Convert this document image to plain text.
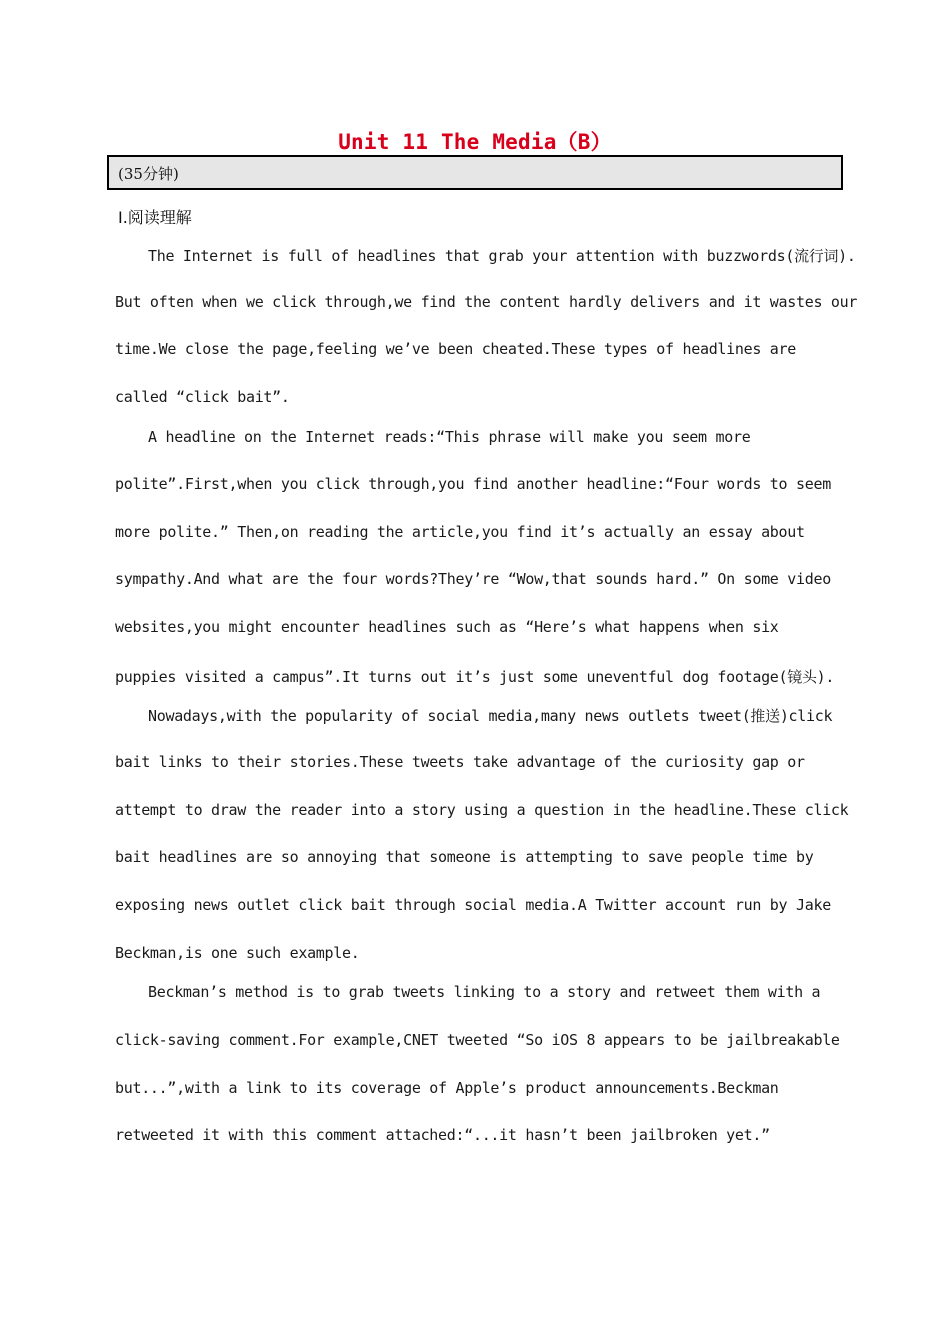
Unit 11 The Media（B）
(35分钟)
Ⅰ.阅读理解
The Internet is full of headlines that grab your attention with buzzwords(流行词).
But often when we click through,we find the content hardly delivers and it wastes our
time.We close the page,feeling we’ve been cheated.These types of headlines are
called “click bait”.
A headline on the Internet reads:“This phrase will make you seem more
polite”.First,when you click through,you find another headline:“Four words to seem
more polite.” Then,on reading the article,you find it’s actually an essay about
sympathy.And what are the four words?They’re “Wow,that sounds hard.” On some video
websites,you might encounter headlines such as “Here’s what happens when six
puppies visited a campus”.It turns out it’s just some uneventful dog footage(镜头).
Nowadays,with the popularity of social media,many news outlets tweet(推送)click
bait links to their stories.These tweets take advantage of the curiosity gap or
attempt to draw the reader into a story using a question in the headline.These click
bait headlines are so annoying that someone is attempting to save people time by
exposing news outlet click bait through social media.A Twitter account run by Jake
Beckman,is one such example.
Beckman’s method is to grab tweets linking to a story and retweet them with a
click-saving comment.For example,CNET tweeted “So iOS 8 appears to be jailbreakable
but...”,with a link to its coverage of Apple’s product announcements.Beckman
retweeted it with this comment attached:“...it hasn’t been jailbroken yet.”
